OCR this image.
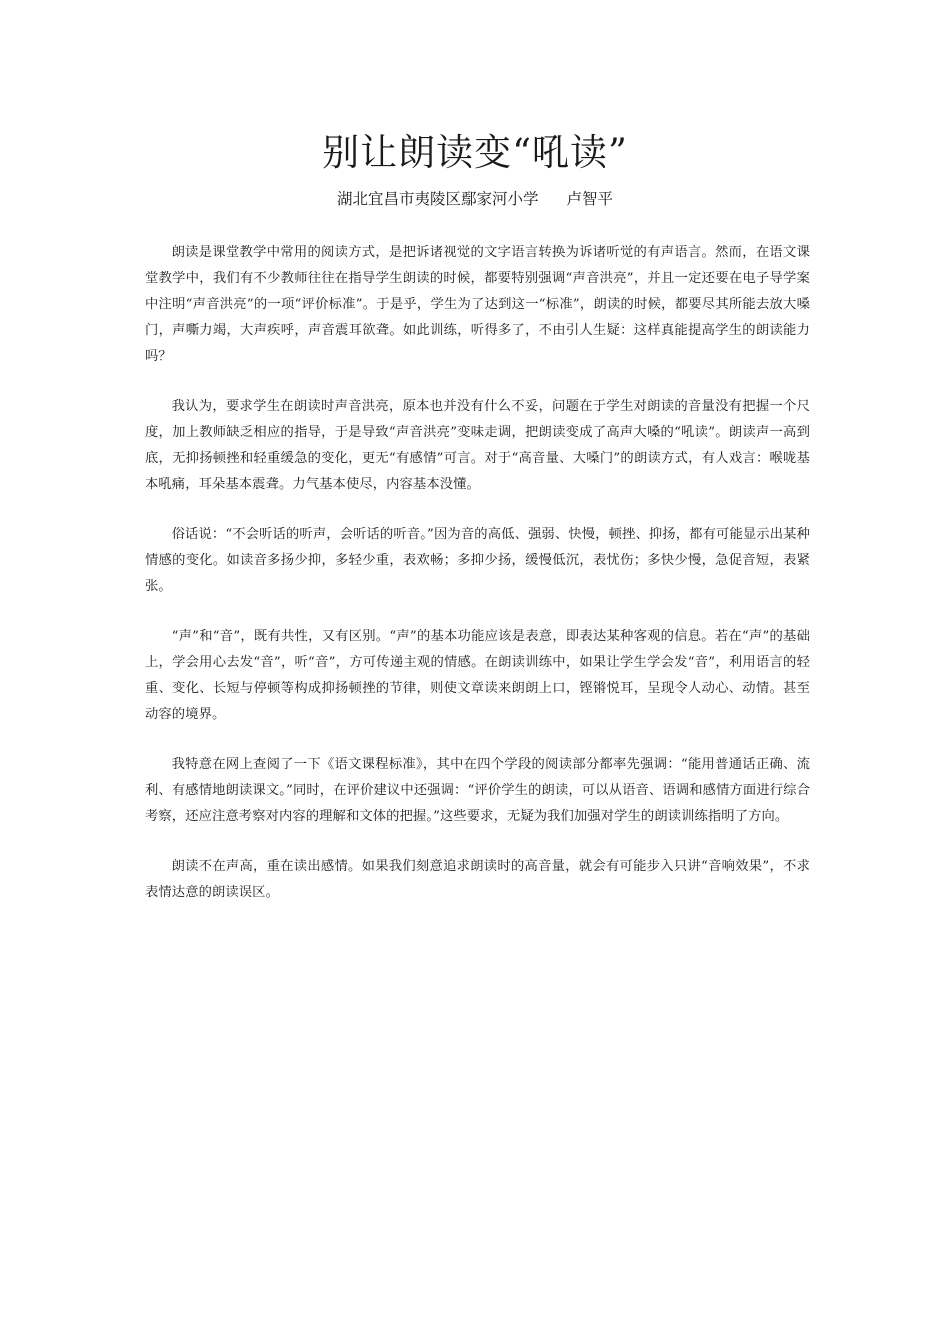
别让朗读变“吼读”

湖北宜昌市夷陵区鄢家河小学 卢智平

朗读是课堂教学中常用的阅读方式，是把诉诸视觉的文字语言转换为诉诸听觉的有声语言。然而，在语文课堂教学中，我们有不少教师往往在指导学生朗读的时候，都要特别强调“声音洪亮”，并且一定还要在电子导学案中注明“声音洪亮”的一项“评价标准”。于是乎，学生为了达到这一“标准”，朗读的时候，都要尽其所能去放大嗓门，声嘶力竭，大声疾呼，声音震耳欲聋。如此训练，听得多了，不由引人生疑：这样真能提高学生的朗读能力吗？

我认为，要求学生在朗读时声音洪亮，原本也并没有什么不妥，问题在于学生对朗读的音量没有把握一个尺度，加上教师缺乏相应的指导，于是导致“声音洪亮”变味走调，把朗读变成了高声大嗓的“吼读”。朗读声一高到底，无抑扬顿挫和轻重缓急的变化，更无“有感情”可言。对于“高音量、大嗓门”的朗读方式，有人戏言：喉咙基本吼痛，耳朵基本震聋。力气基本使尽，内容基本没懂。

俗话说：“不会听话的听声，会听话的听音。”因为音的高低、强弱、快慢，顿挫、抑扬，都有可能显示出某种情感的变化。如读音多扬少抑，多轻少重，表欢畅；多抑少扬，缓慢低沉，表忧伤；多快少慢，急促音短，表紧张。

“声”和“音”，既有共性，又有区别。“声”的基本功能应该是表意，即表达某种客观的信息。若在“声”的基础上，学会用心去发“音”，听“音”，方可传递主观的情感。在朗读训练中，如果让学生学会发“音”，利用语言的轻重、变化、长短与停顿等构成抑扬顿挫的节律，则使文章读来朗朗上口，铿锵悦耳，呈现令人动心、动情。甚至动容的境界。

我特意在网上查阅了一下《语文课程标准》，其中在四个学段的阅读部分都率先强调：“能用普通话正确、流利、有感情地朗读课文。”同时，在评价建议中还强调：“评价学生的朗读，可以从语音、语调和感情方面进行综合考察，还应注意考察对内容的理解和文体的把握。”这些要求，无疑为我们加强对学生的朗读训练指明了方向。

朗读不在声高，重在读出感情。如果我们刻意追求朗读时的高音量，就会有可能步入只讲“音响效果”，不求表情达意的朗读误区。
